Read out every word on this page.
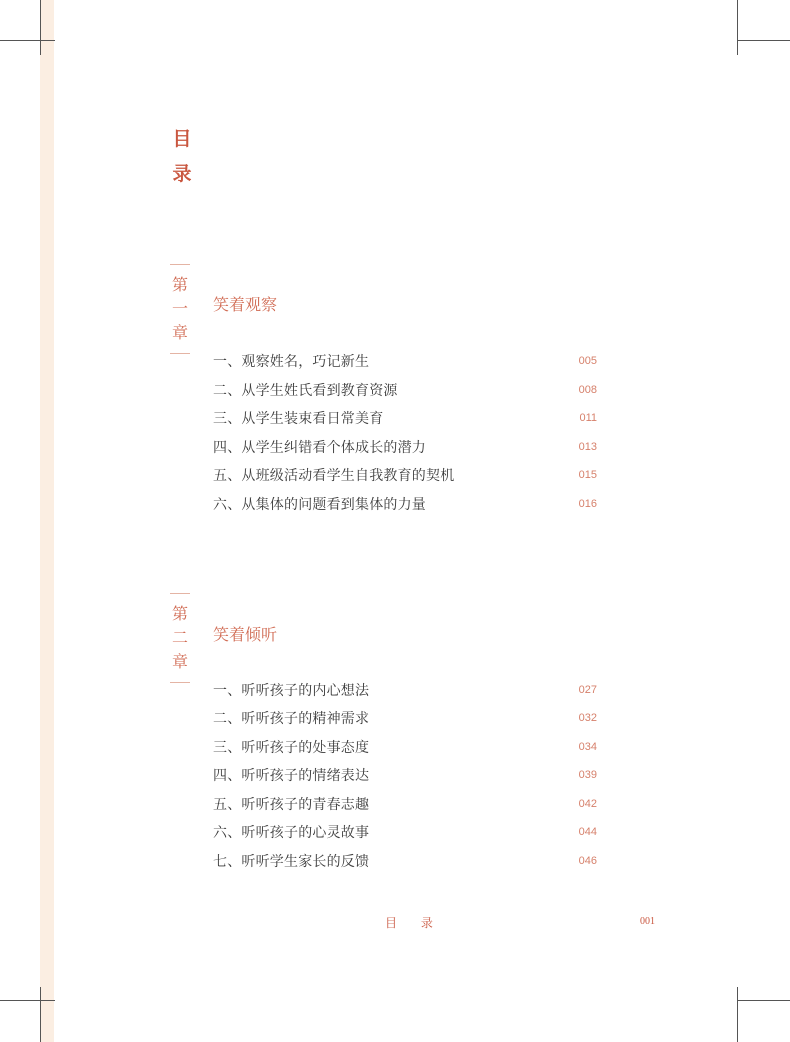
目
录
第
一
章
笑着观察
一、观察姓名，巧记新生	005
二、从学生姓氏看到教育资源	008
三、从学生装束看日常美育	011
四、从学生纠错看个体成长的潜力	013
五、从班级活动看学生自我教育的契机	015
六、从集体的问题看到集体的力量	016
第
二
章
笑着倾听
一、听听孩子的内心想法	027
二、听听孩子的精神需求	032
三、听听孩子的处事态度	034
四、听听孩子的情绪表达	039
五、听听孩子的青春志趣	042
六、听听孩子的心灵故事	044
七、听听学生家长的反馈	046
目 录	001
